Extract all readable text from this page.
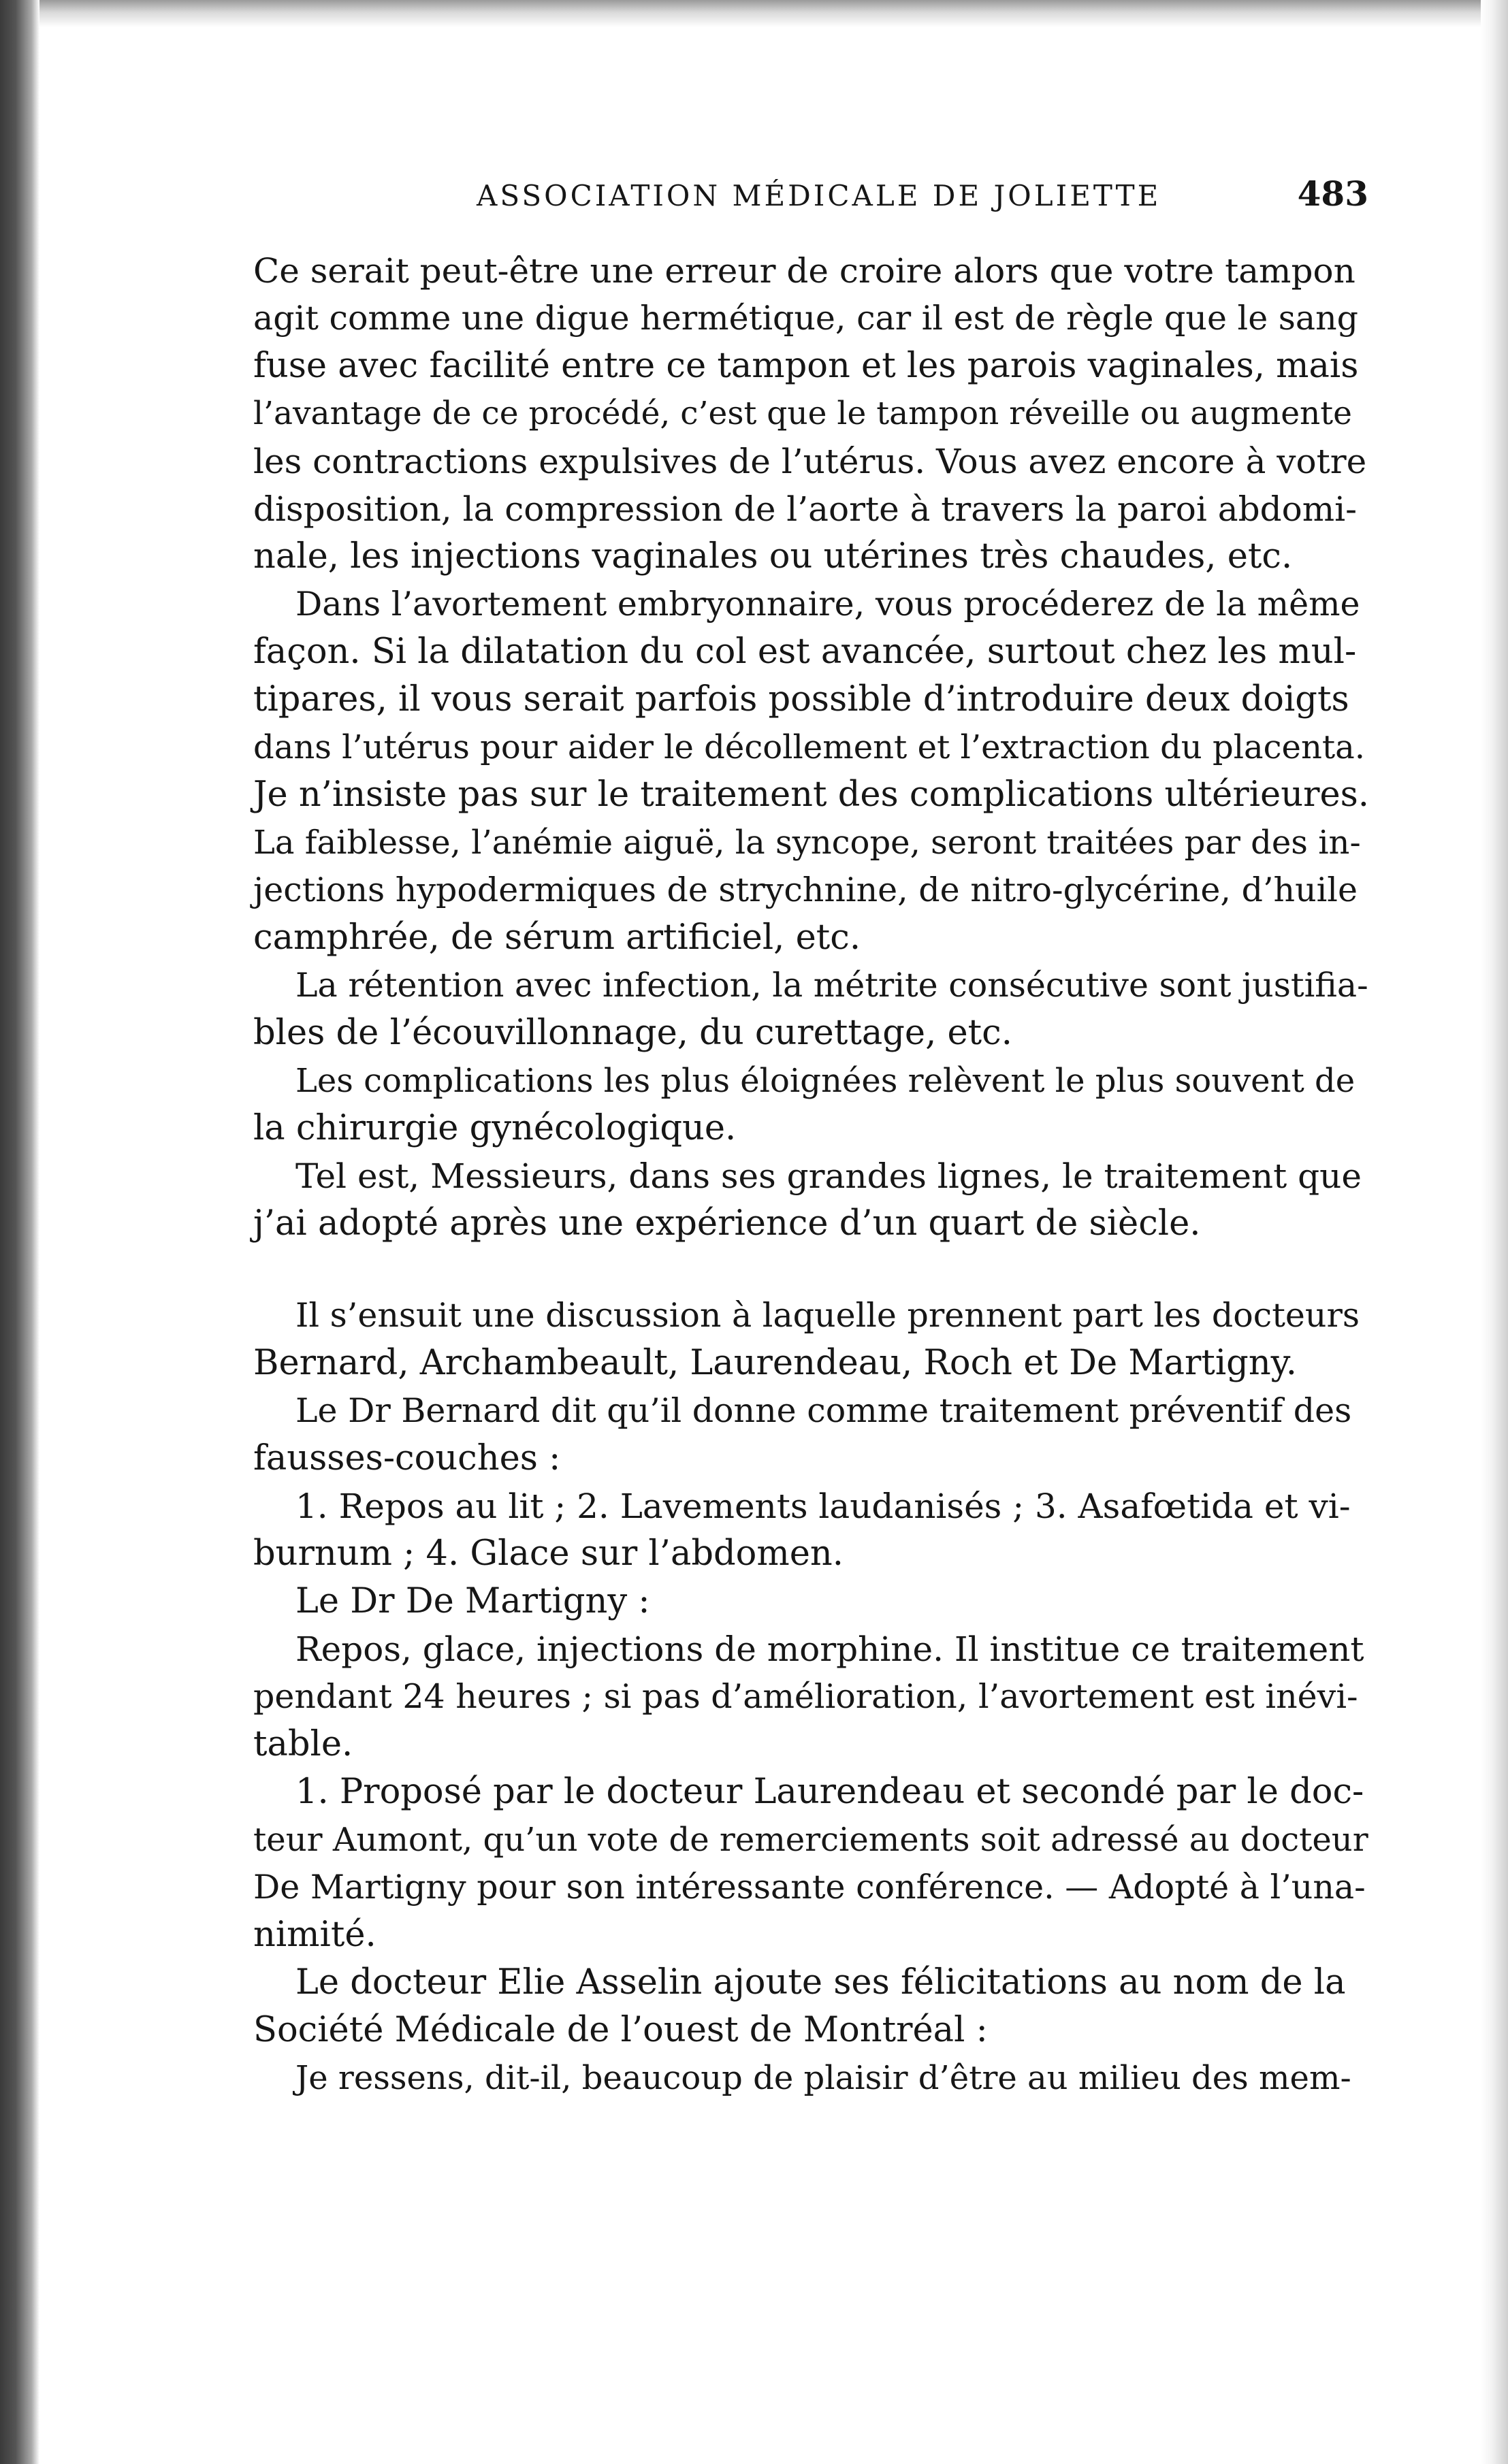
ASSOCIATION MÉDICALE DE JOLIETTE	483
Ce serait peut-être une erreur de croire alors que votre tampon
agit comme une digue hermétique, car il est de règle que le sang
fuse avec facilité entre ce tampon et les parois vaginales, mais
l’avantage de ce procédé, c’est que le tampon réveille ou augmente
les contractions expulsives de l’utérus. Vous avez encore à votre
disposition, la compression de l’aorte à travers la paroi abdomi-
nale, les injections vaginales ou utérines très chaudes, etc.
Dans l’avortement embryonnaire, vous procéderez de la même
façon. Si la dilatation du col est avancée, surtout chez les mul-
tipares, il vous serait parfois possible d’introduire deux doigts
dans l’utérus pour aider le décollement et l’extraction du placenta.
Je n’insiste pas sur le traitement des complications ultérieures.
La faiblesse, l’anémie aiguë, la syncope, seront traitées par des in-
jections hypodermiques de strychnine, de nitro-glycérine, d’huile
camphrée, de sérum artificiel, etc.
La rétention avec infection, la métrite consécutive sont justifia-
bles de l’écouvillonnage, du curettage, etc.
Les complications les plus éloignées relèvent le plus souvent de
la chirurgie gynécologique.
Tel est, Messieurs, dans ses grandes lignes, le traitement que
j’ai adopté après une expérience d’un quart de siècle.
Il s’ensuit une discussion à laquelle prennent part les docteurs
Bernard, Archambeault, Laurendeau, Roch et De Martigny.
Le Dr Bernard dit qu’il donne comme traitement préventif des
fausses-couches :
1. Repos au lit ; 2. Lavements laudanisés ; 3. Asafœtida et vi-
burnum ; 4. Glace sur l’abdomen.
Le Dr De Martigny :
Repos, glace, injections de morphine. Il institue ce traitement
pendant 24 heures ; si pas d’amélioration, l’avortement est inévi-
table.
1. Proposé par le docteur Laurendeau et secondé par le doc-
teur Aumont, qu’un vote de remerciements soit adressé au docteur
De Martigny pour son intéressante conférence. — Adopté à l’una-
nimité.
Le docteur Elie Asselin ajoute ses félicitations au nom de la
Société Médicale de l’ouest de Montréal :
Je ressens, dit-il, beaucoup de plaisir d’être au milieu des mem-
